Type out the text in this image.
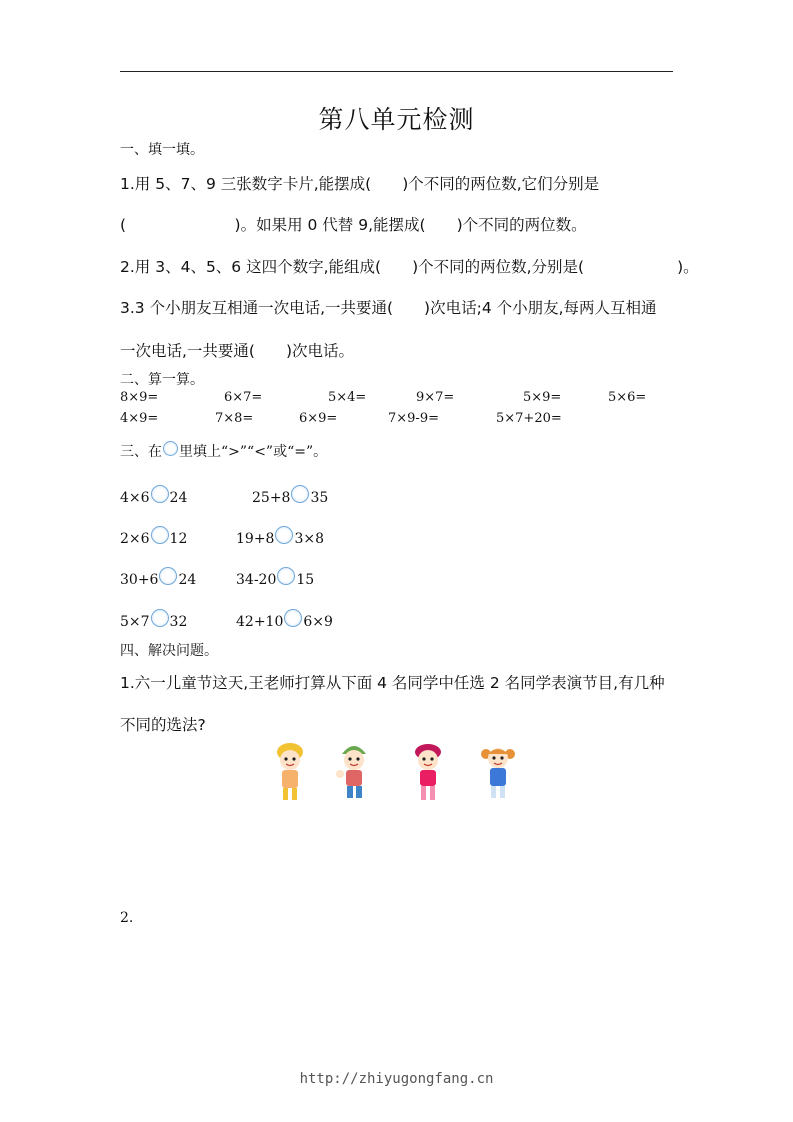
第八单元检测
一、填一填。
1.用 5、7、9 三张数字卡片,能摆成(　　)个不同的两位数,它们分别是
(　　　　　　　)。如果用 0 代替 9,能摆成(　　)个不同的两位数。
2.用 3、4、5、6 这四个数字,能组成(　　)个不同的两位数,分别是(　　　　　　)。
3.3 个小朋友互相通一次电话,一共要通(　　)次电话;4 个小朋友,每两人互相通
一次电话,一共要通(　　)次电话。
二、算一算。
8×9=	6×7=	5×4=	9×7=	5×9=	5×6=
4×9=	7×8=	6×9=	7×9-9=	5×7+20=
三、在 里填上“>”“<”或“=”。
4×6 24	25+8 35
2×6 12	19+8 3×8
30+6 24	34-20 15
5×7 32	42+10 6×9
四、解决问题。
1.六一儿童节这天,王老师打算从下面 4 名同学中任选 2 名同学表演节目,有几种
不同的选法?
2.
http://zhiyugongfang.cn
